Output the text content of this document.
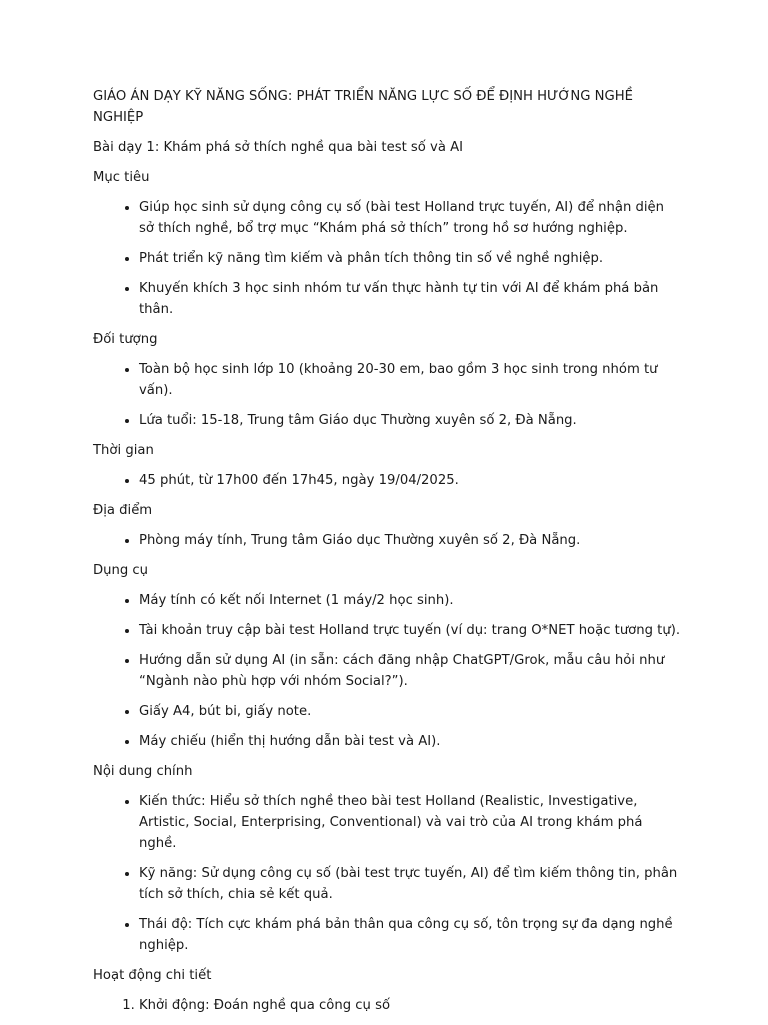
GIÁO ÁN DẠY KỸ NĂNG SỐNG: PHÁT TRIỂN NĂNG LỰC SỐ ĐỂ ĐỊNH HƯỚNG NGHỀ NGHIỆP

Bài dạy 1: Khám phá sở thích nghề qua bài test số và AI

Mục tiêu

• Giúp học sinh sử dụng công cụ số (bài test Holland trực tuyến, AI) để nhận diện sở thích nghề, bổ trợ mục “Khám phá sở thích” trong hồ sơ hướng nghiệp.
• Phát triển kỹ năng tìm kiếm và phân tích thông tin số về nghề nghiệp.
• Khuyến khích 3 học sinh nhóm tư vấn thực hành tự tin với AI để khám phá bản thân.

Đối tượng

• Toàn bộ học sinh lớp 10 (khoảng 20-30 em, bao gồm 3 học sinh trong nhóm tư vấn).
• Lứa tuổi: 15-18, Trung tâm Giáo dục Thường xuyên số 2, Đà Nẵng.

Thời gian

• 45 phút, từ 17h00 đến 17h45, ngày 19/04/2025.

Địa điểm

• Phòng máy tính, Trung tâm Giáo dục Thường xuyên số 2, Đà Nẵng.

Dụng cụ

• Máy tính có kết nối Internet (1 máy/2 học sinh).
• Tài khoản truy cập bài test Holland trực tuyến (ví dụ: trang O*NET hoặc tương tự).
• Hướng dẫn sử dụng AI (in sẵn: cách đăng nhập ChatGPT/Grok, mẫu câu hỏi như “Ngành nào phù hợp với nhóm Social?”).
• Giấy A4, bút bi, giấy note.
• Máy chiếu (hiển thị hướng dẫn bài test và AI).

Nội dung chính

• Kiến thức: Hiểu sở thích nghề theo bài test Holland (Realistic, Investigative, Artistic, Social, Enterprising, Conventional) và vai trò của AI trong khám phá nghề.
• Kỹ năng: Sử dụng công cụ số (bài test trực tuyến, AI) để tìm kiếm thông tin, phân tích sở thích, chia sẻ kết quả.
• Thái độ: Tích cực khám phá bản thân qua công cụ số, tôn trọng sự đa dạng nghề nghiệp.

Hoạt động chi tiết

1. Khởi động: Đoán nghề qua công cụ số
